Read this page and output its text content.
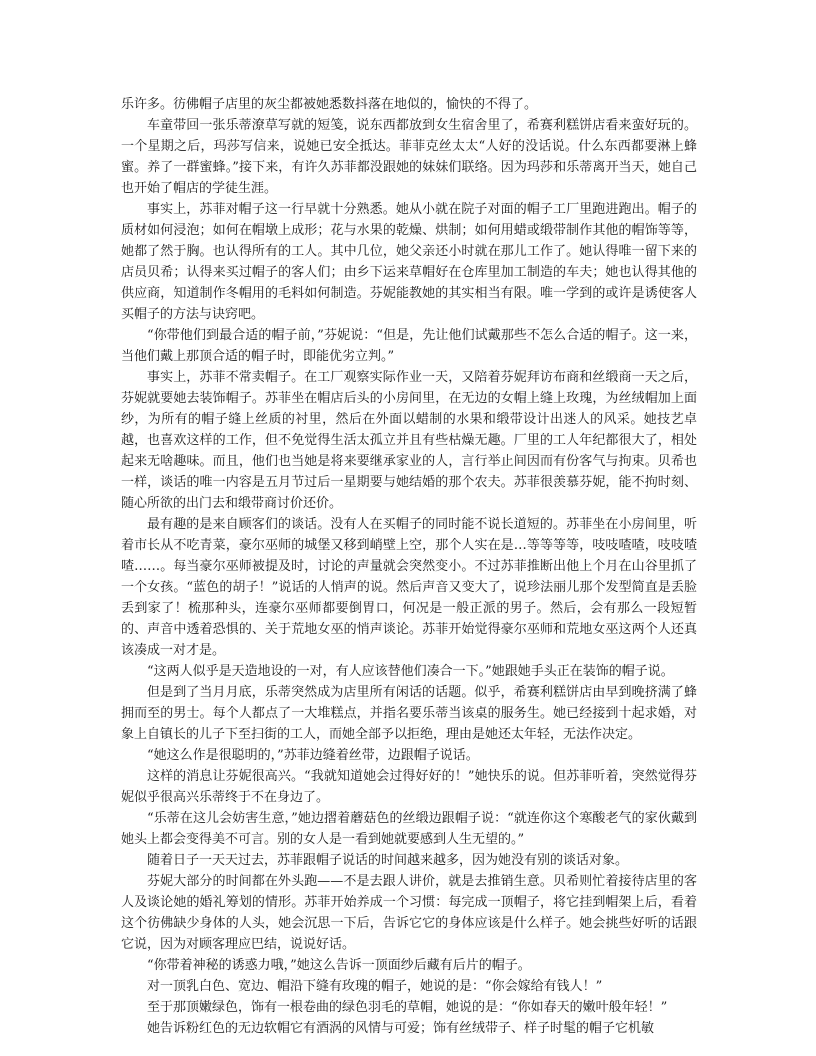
乐许多。彷佛帽子店里的灰尘都被她悉数抖落在地似的，愉快的不得了。

车童带回一张乐蒂潦草写就的短笺，说东西都放到女生宿舍里了，希赛利糕饼店看来蛮好玩的。一个星期之后，玛莎写信来，说她已安全抵达。菲菲克丝太太“人好的没话说。什么东西都要淋上蜂蜜。养了一群蜜蜂。”接下来，有许久苏菲都没跟她的妹妹们联络。因为玛莎和乐蒂离开当天，她自己也开始了帽店的学徒生涯。

事实上，苏菲对帽子这一行早就十分熟悉。她从小就在院子对面的帽子工厂里跑进跑出。帽子的质材如何浸泡；如何在帽墩上成形；花与水果的乾燥、烘制；如何用蜡或缎带制作其他的帽饰等等，她都了然于胸。也认得所有的工人。其中几位，她父亲还小时就在那儿工作了。她认得唯一留下来的店员贝希；认得来买过帽子的客人们；由乡下运来草帽好在仓库里加工制造的车夫；她也认得其他的供应商，知道制作冬帽用的毛料如何制造。芬妮能教她的其实相当有限。唯一学到的或许是诱使客人买帽子的方法与诀窍吧。

“你带他们到最合适的帽子前，”芬妮说：“但是，先让他们试戴那些不怎么合适的帽子。这一来，当他们戴上那顶合适的帽子时，即能优劣立判。”

事实上，苏菲不常卖帽子。在工厂观察实际作业一天，又陪着芬妮拜访布商和丝缎商一天之后，芬妮就要她去装饰帽子。苏菲坐在帽店后头的小房间里，在无边的女帽上缝上玫瑰，为丝绒帽加上面纱，为所有的帽子缝上丝质的衬里，然后在外面以蜡制的水果和缎带设计出迷人的风采。她技艺卓越，也喜欢这样的工作，但不免觉得生活太孤立并且有些枯燥无趣。厂里的工人年纪都很大了，相处起来无啥趣味。而且，他们也当她是将来要继承家业的人，言行举止间因而有份客气与拘束。贝希也一样，谈话的唯一内容是五月节过后一星期要与她结婚的那个农夫。苏菲很羡慕芬妮，能不拘时刻、随心所欲的出门去和缎带商讨价还价。

最有趣的是来自顾客们的谈话。没有人在买帽子的同时能不说长道短的。苏菲坐在小房间里，听着市长从不吃青菜，豪尔巫师的城堡又移到峭壁上空，那个人实在是…等等等等，吱吱喳喳，吱吱喳喳……。每当豪尔巫师被提及时，讨论的声量就会突然变小。不过苏菲推断出他上个月在山谷里抓了一个女孩。“蓝色的胡子！”说话的人悄声的说。然后声音又变大了，说珍法丽儿那个发型简直是丢脸丢到家了！梳那种头，连豪尔巫师都要倒胃口，何况是一般正派的男子。然后，会有那么一段短暂的、声音中透着恐惧的、关于荒地女巫的悄声谈论。苏菲开始觉得豪尔巫师和荒地女巫这两个人还真该凑成一对才是。

“这两人似乎是天造地设的一对，有人应该替他们凑合一下。”她跟她手头正在装饰的帽子说。

但是到了当月月底，乐蒂突然成为店里所有闲话的话题。似乎，希赛利糕饼店由早到晚挤满了蜂拥而至的男士。每个人都点了一大堆糕点，并指名要乐蒂当该桌的服务生。她已经接到十起求婚，对象上自镇长的儿子下至扫街的工人，而她全部予以拒绝，理由是她还太年轻，无法作决定。

“她这么作是很聪明的，”苏菲边缝着丝带，边跟帽子说话。

这样的消息让芬妮很高兴。“我就知道她会过得好好的！”她快乐的说。但苏菲听着，突然觉得芬妮似乎很高兴乐蒂终于不在身边了。

“乐蒂在这儿会妨害生意，”她边摺着蘑菇色的丝缎边跟帽子说：“就连你这个寒酸老气的家伙戴到她头上都会变得美不可言。别的女人是一看到她就要感到人生无望的。”

随着日子一天天过去，苏菲跟帽子说话的时间越来越多，因为她没有别的谈话对象。

芬妮大部分的时间都在外头跑——不是去跟人讲价，就是去推销生意。贝希则忙着接待店里的客人及谈论她的婚礼筹划的情形。苏菲开始养成一个习惯：每完成一顶帽子，将它挂到帽架上后，看着这个彷佛缺少身体的人头，她会沉思一下后，告诉它它的身体应该是什么样子。她会挑些好听的话跟它说，因为对顾客理应巴结，说说好话。

“你带着神秘的诱惑力哦，”她这么告诉一顶面纱后藏有后片的帽子。

对一顶乳白色、宽边、帽沿下缝有玫瑰的帽子，她说的是：“你会嫁给有钱人！”

至于那顶嫩绿色，饰有一根卷曲的绿色羽毛的草帽，她说的是：“你如春天的嫩叶般年轻！”

她告诉粉红色的无边软帽它有酒涡的风情与可爱；饰有丝绒带子、样子时髦的帽子它机敏
